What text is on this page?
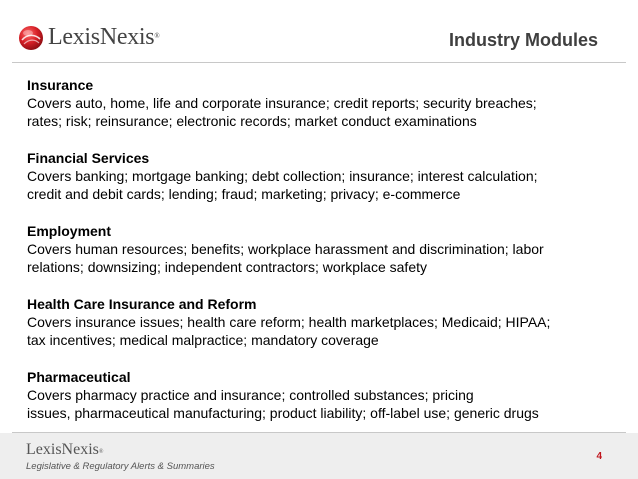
LexisNexis®	Industry Modules
Insurance
Covers auto, home, life and corporate insurance; credit reports; security breaches;
rates; risk; reinsurance; electronic records; market conduct examinations
Financial Services
Covers banking; mortgage banking; debt collection; insurance; interest calculation;
credit and debit cards; lending; fraud; marketing; privacy; e-commerce
Employment
Covers human resources; benefits; workplace harassment and discrimination; labor
relations; downsizing; independent contractors; workplace safety
Health Care Insurance and Reform
Covers insurance issues; health care reform; health marketplaces; Medicaid; HIPAA;
tax incentives; medical malpractice; mandatory coverage
Pharmaceutical
Covers pharmacy practice and insurance; controlled substances; pricing
issues, pharmaceutical manufacturing; product liability; off-label use; generic drugs
LexisNexis®
Legislative & Regulatory Alerts & Summaries
4
